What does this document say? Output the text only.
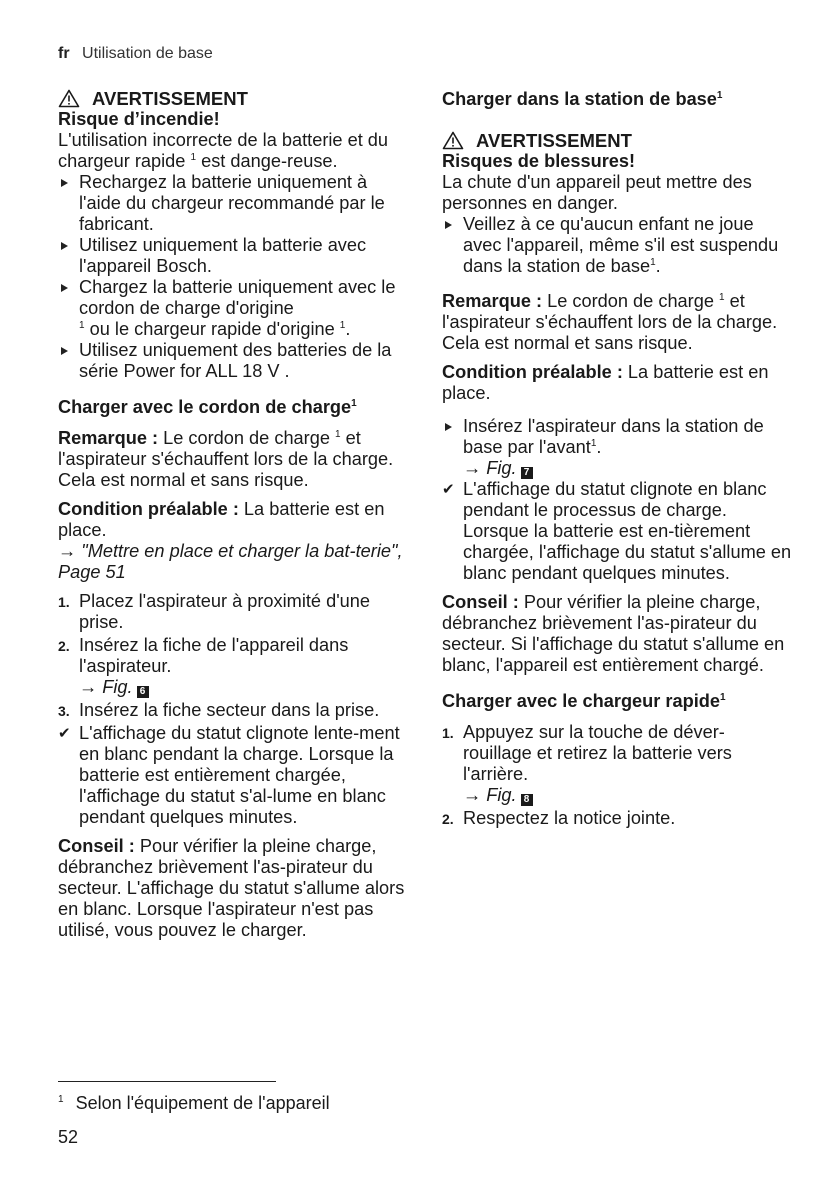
fr Utilisation de base
AVERTISSEMENT
Risque d’incendie!

L'utilisation incorrecte de la batterie et du chargeur rapide $^1$ est dange-reuse.

Rechargez la batterie uniquement à l'aide du chargeur recommandé par le fabricant.
Utilisez uniquement la batterie avec l'appareil Bosch.
Chargez la batterie uniquement avec le cordon de charge d'origine
$^1$ ou le chargeur rapide d'origine $^1$.
Utilisez uniquement des batteries de la série Power for ALL 18 V .
Charger avec le cordon de charge$^1$

Remarque : Le cordon de charge $^1$ et l'aspirateur s'échauffent lors de la charge. Cela est normal et sans risque.

Condition préalable : La batterie est en place.

→ "Mettre en place et charger la bat-terie", Page 51

1. Placez l'aspirateur à proximité d'une prise.
2. Insérez la fiche de l'appareil dans l'aspirateur.
→ Fig. 6
3. Insérez la fiche secteur dans la prise.
✔ L'affichage du statut clignote lente-ment en blanc pendant la charge. Lorsque la batterie est entièrement chargée, l'affichage du statut s'al-lume en blanc pendant quelques minutes.

Conseil : Pour vérifier la pleine charge, débranchez brièvement l'as-pirateur du secteur. L'affichage du statut s'allume alors en blanc. Lorsque l'aspirateur n'est pas utilisé, vous pouvez le charger.

Charger dans la station de base$^1$
AVERTISSEMENT
Risques de blessures!

La chute d'un appareil peut mettre des personnes en danger.

Veillez à ce qu'aucun enfant ne joue avec l'appareil, même s'il est suspendu dans la station de base$^1$.

Remarque : Le cordon de charge $^1$ et l'aspirateur s'échauffent lors de la charge. Cela est normal et sans risque.

Condition préalable : La batterie est en place.

Insérez l'aspirateur dans la station de base par l'avant$^1$.
→ Fig. 7
✔ L'affichage du statut clignote en blanc pendant le processus de charge. Lorsque la batterie est en-tièrement chargée, l'affichage du statut s'allume en blanc pendant quelques minutes.

Conseil : Pour vérifier la pleine charge, débranchez brièvement l'as-pirateur du secteur. Si l'affichage du statut s'allume en blanc, l'appareil est entièrement chargé.

Charger avec le chargeur rapide$^1$
1. Appuyez sur la touche de déver-rouillage et retirez la batterie vers l'arrière.
→ Fig. 8
2. Respectez la notice jointe.
$^1$ Selon l'équipement de l'appareil
52
